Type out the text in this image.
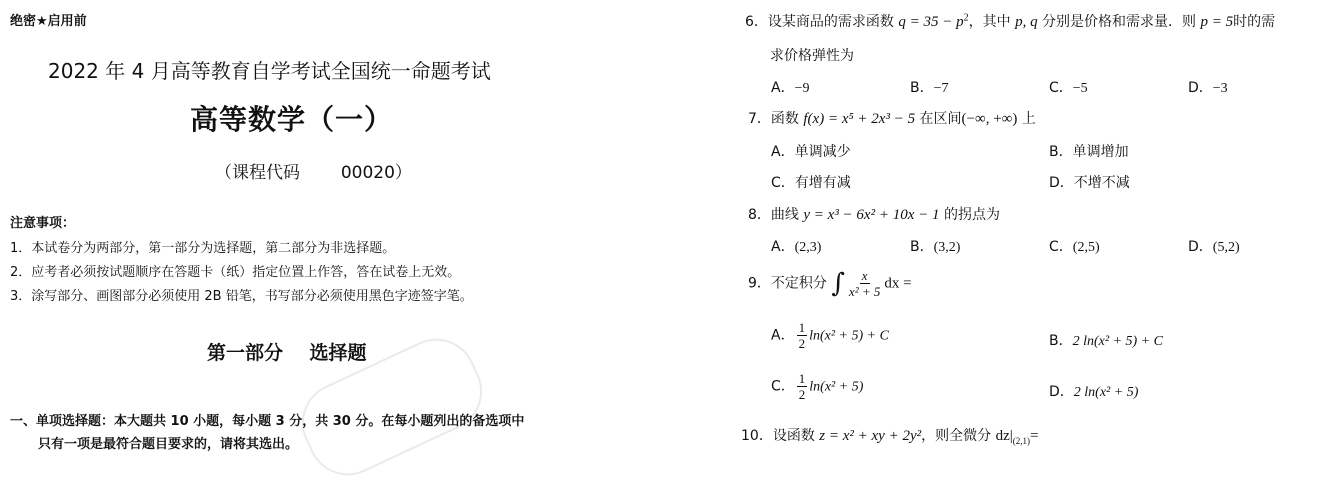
绝密★启用前
2022 年 4 月高等教育自学考试全国统一命题考试
高等数学（一）
（课程代码 00020）
注意事项：
1．本试卷分为两部分，第一部分为选择题，第二部分为非选择题。
2．应考者必须按试题顺序在答题卡（纸）指定位置上作答，答在试卷上无效。
3．涂写部分、画图部分必须使用 2B 铅笔，书写部分必须使用黑色字迹签字笔。
第一部分    选择题
一、单项选择题：本大题共 10 小题，每小题 3 分，共 30 分。在每小题列出的备选项中
只有一项是最符合题目要求的，请将其选出。
6．设某商品的需求函数 $q = 35 - p^2$，其中 p, q 分别是价格和需求量．则 p = 5时的需
求价格弹性为
A．−9	B．−7	C．−5	D．−3
7．函数 f(x) = x⁵ + 2x³ − 5 在区间(−∞, +∞) 上
A．单调减少	B．单调增加
C．有增有减	D．不增不减
8．曲线 y = x³ − 6x² + 10x − 1 的拐点为
A．(2,3)	B．(3,2)	C．(2,5)	D．(5,2)
9．不定积分 ∫ $\frac{x}{\text{x² + 5}}$ dx =
A． $\frac{1}{2} \ln(x^2 + 5) + C$	B．2 ln(x² + 5) + C
C． $\frac{1}{2} \ln(x^2 + 5)$	D．2 ln(x² + 5)
10．设函数 z = x² + xy + 2y²，则全微分 $dz|_{(2,1)}=$
